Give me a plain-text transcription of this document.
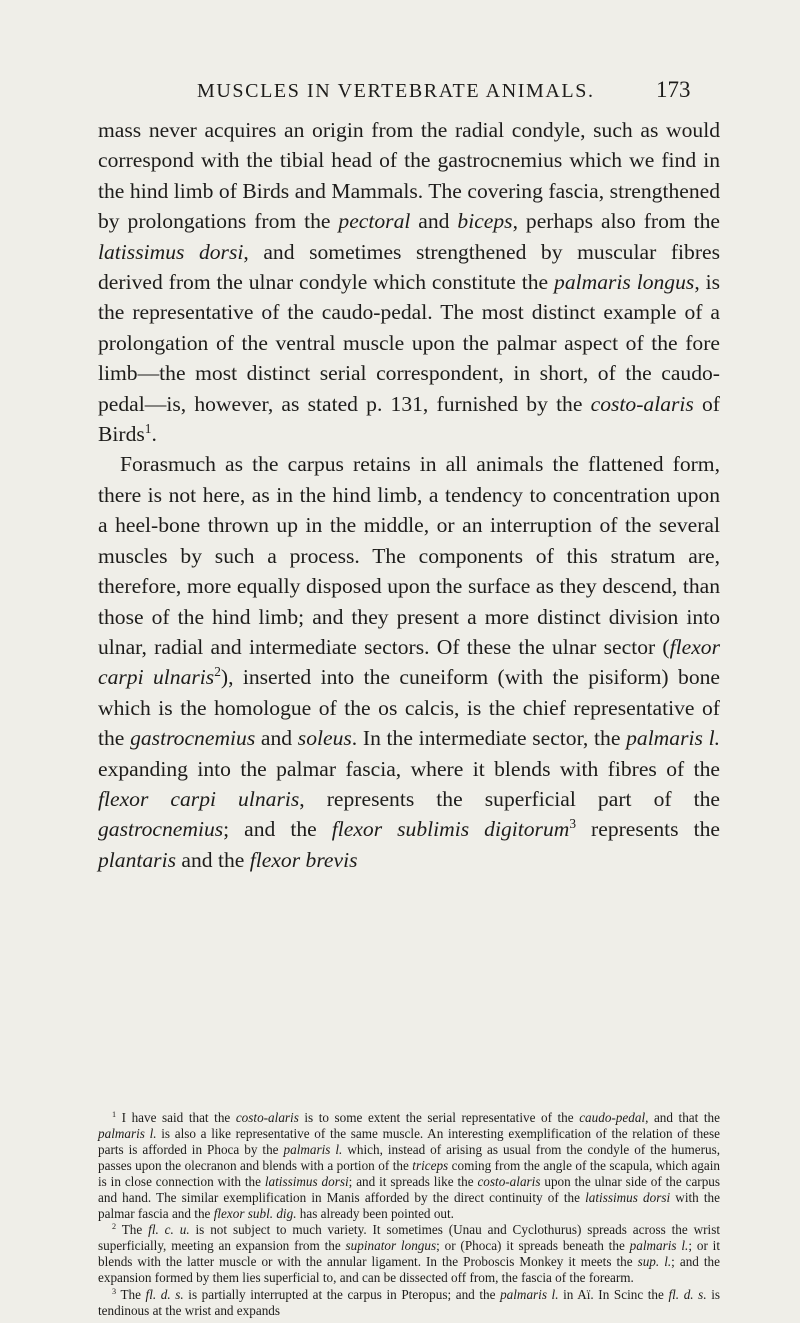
MUSCLES IN VERTEBRATE ANIMALS.	173

mass never acquires an origin from the radial condyle, such as would correspond with the tibial head of the gastrocnemius which we find in the hind limb of Birds and Mammals. The covering fascia, strengthened by prolongations from the pectoral and biceps, perhaps also from the latissimus dorsi, and sometimes strengthened by muscular fibres derived from the ulnar condyle which constitute the palmaris longus, is the representative of the caudo-pedal. The most distinct example of a prolongation of the ventral muscle upon the palmar aspect of the fore limb—the most distinct serial correspondent, in short, of the caudo-pedal—is, however, as stated p. 131, furnished by the costo-alaris of Birds$^1$.

Forasmuch as the carpus retains in all animals the flattened form, there is not here, as in the hind limb, a tendency to concentration upon a heel-bone thrown up in the middle, or an interruption of the several muscles by such a process. The components of this stratum are, therefore, more equally disposed upon the surface as they descend, than those of the hind limb; and they present a more distinct division into ulnar, radial and intermediate sectors. Of these the ulnar sector (flexor carpi ulnaris$^2$), inserted into the cuneiform (with the pisiform) bone which is the homologue of the os calcis, is the chief representative of the gastrocnemius and soleus. In the intermediate sector, the palmaris l. expanding into the palmar fascia, where it blends with fibres of the flexor carpi ulnaris, represents the superficial part of the gastrocnemius; and the flexor sublimis digitorum$^3$ represents the plantaris and the flexor brevis

$^1$ I have said that the costo-alaris is to some extent the serial representative of the caudo-pedal, and that the palmaris l. is also a like representative of the same muscle. An interesting exemplification of the relation of these parts is afforded in Phoca by the palmaris l. which, instead of arising as usual from the condyle of the humerus, passes upon the olecranon and blends with a portion of the triceps coming from the angle of the scapula, which again is in close connection with the latissimus dorsi; and it spreads like the costo-alaris upon the ulnar side of the carpus and hand. The similar exemplification in Manis afforded by the direct continuity of the latissimus dorsi with the palmar fascia and the flexor subl. dig. has already been pointed out.

$^2$ The fl. c. u. is not subject to much variety. It sometimes (Unau and Cyclothurus) spreads across the wrist superficially, meeting an expansion from the supinator longus; or (Phoca) it spreads beneath the palmaris l.; or it blends with the latter muscle or with the annular ligament. In the Proboscis Monkey it meets the sup. l.; and the expansion formed by them lies superficial to, and can be dissected off from, the fascia of the forearm.

$^3$ The fl. d. s. is partially interrupted at the carpus in Pteropus; and the palmaris l. in Aï. In Scinc the fl. d. s. is tendinous at the wrist and expands
